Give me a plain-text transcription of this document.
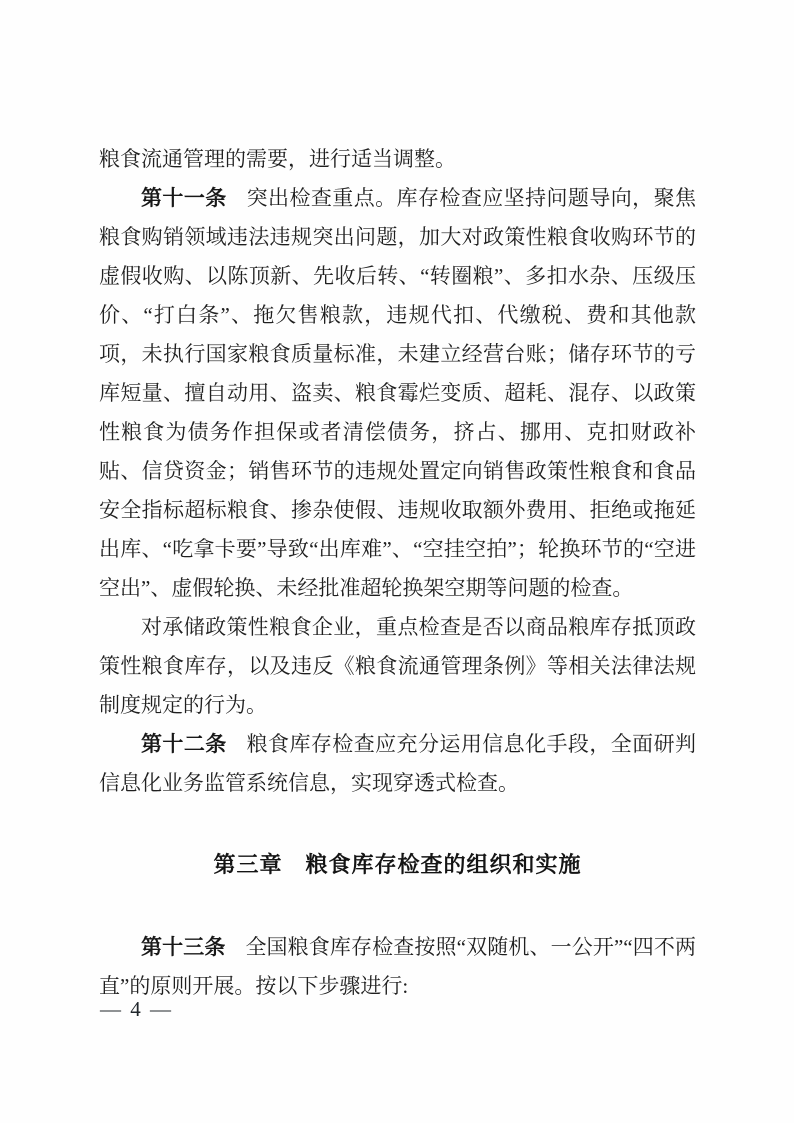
粮食流通管理的需要，进行适当调整。

第十一条 突出检查重点。库存检查应坚持问题导向，聚焦粮食购销领域违法违规突出问题，加大对政策性粮食收购环节的虚假收购、以陈顶新、先收后转、“转圈粮”、多扣水杂、压级压价、“打白条”、拖欠售粮款，违规代扣、代缴税、费和其他款项，未执行国家粮食质量标准，未建立经营台账；储存环节的亏库短量、擅自动用、盗卖、粮食霉烂变质、超耗、混存、以政策性粮食为债务作担保或者清偿债务，挤占、挪用、克扣财政补贴、信贷资金；销售环节的违规处置定向销售政策性粮食和食品安全指标超标粮食、掺杂使假、违规收取额外费用、拒绝或拖延出库、“吃拿卡要”导致“出库难”、“空挂空拍”；轮换环节的“空进空出”、虚假轮换、未经批准超轮换架空期等问题的检查。

对承储政策性粮食企业，重点检查是否以商品粮库存抵顶政策性粮食库存，以及违反《粮食流通管理条例》等相关法律法规制度规定的行为。

第十二条 粮食库存检查应充分运用信息化手段，全面研判信息化业务监管系统信息，实现穿透式检查。

第三章　粮食库存检查的组织和实施

第十三条 全国粮食库存检查按照“双随机、一公开”“四不两直”的原则开展。按以下步骤进行:

— 4 —
